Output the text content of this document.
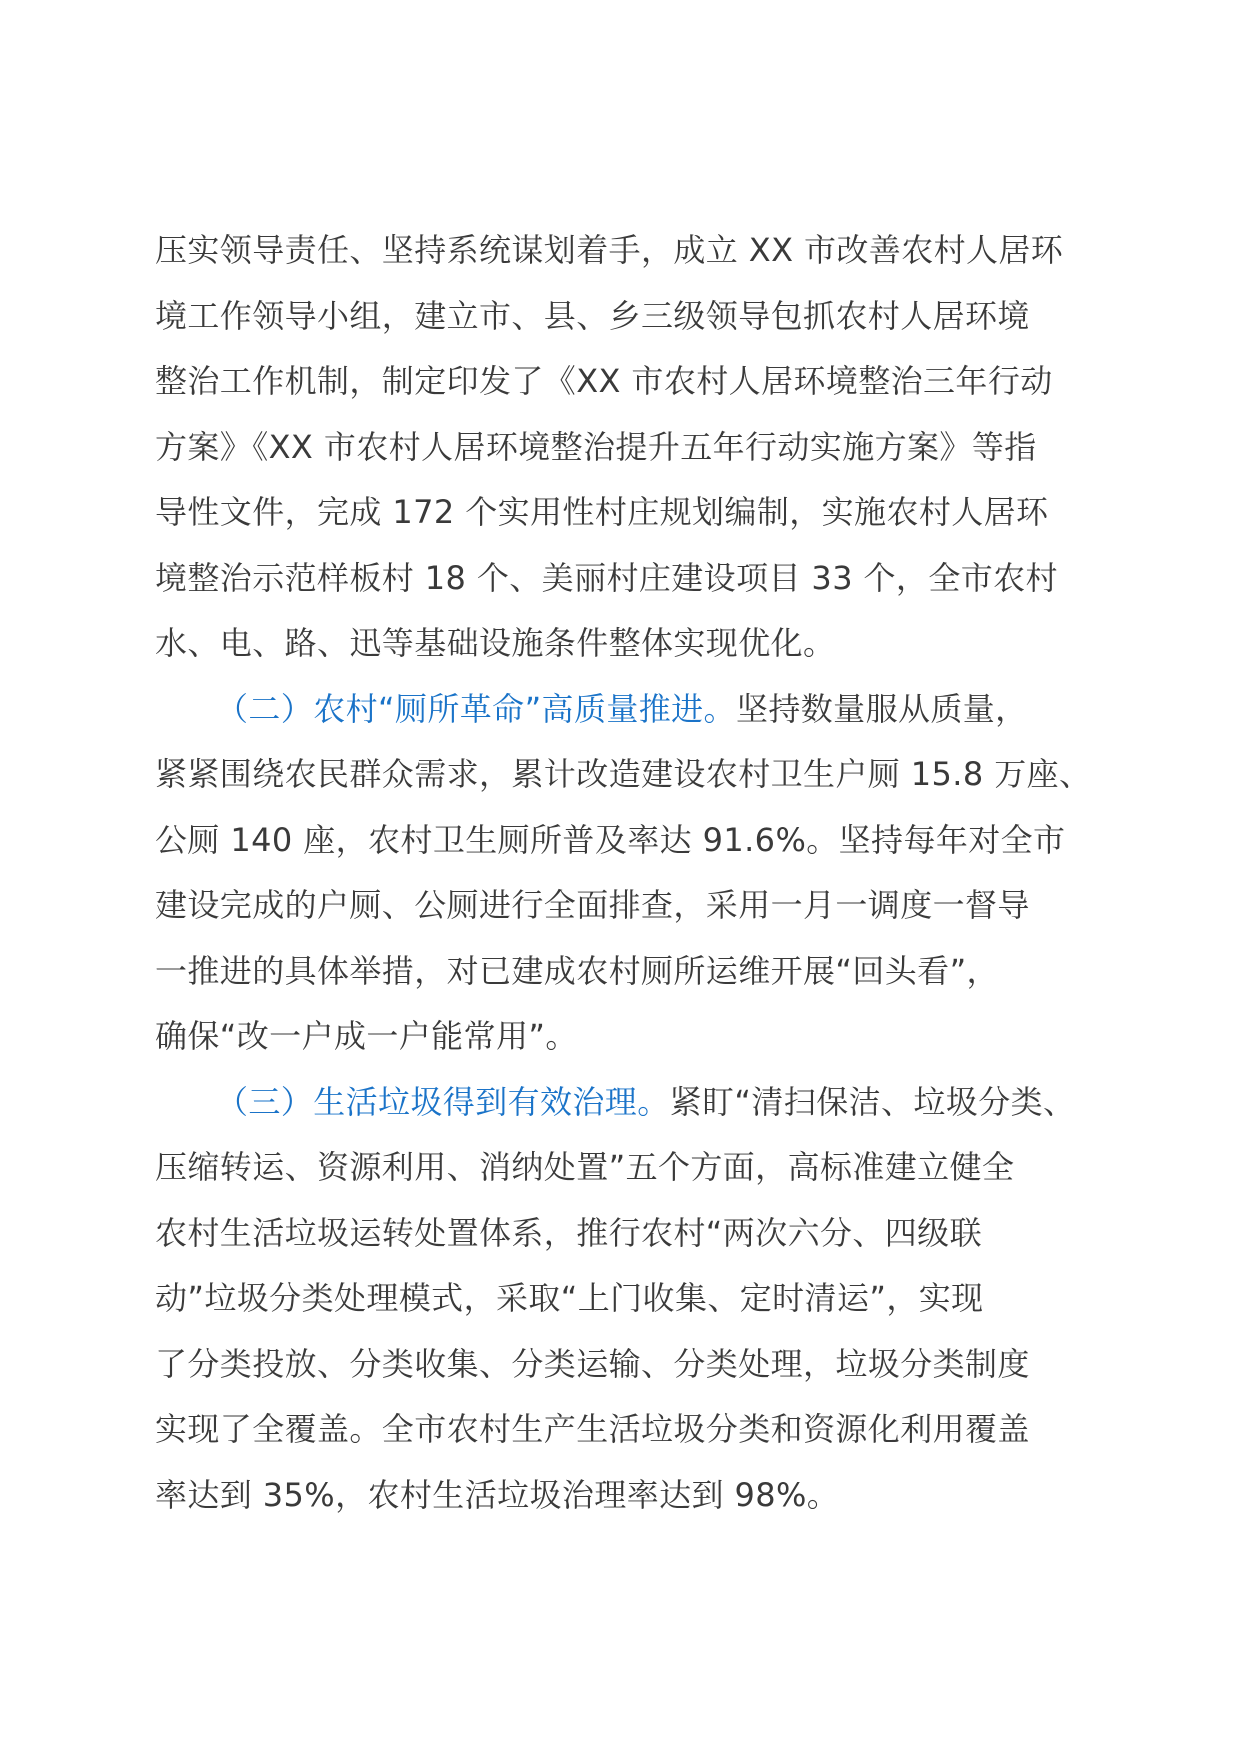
压实领导责任、坚持系统谋划着手，成立 XX 市改善农村人居环
境工作领导小组，建立市、县、乡三级领导包抓农村人居环境
整治工作机制，制定印发了《XX 市农村人居环境整治三年行动
方案》《XX 市农村人居环境整治提升五年行动实施方案》等指
导性文件，完成 172 个实用性村庄规划编制，实施农村人居环
境整治示范样板村 18 个、美丽村庄建设项目 33 个，全市农村
水、电、路、迅等基础设施条件整体实现优化。
（二）农村“厕所革命”高质量推进。坚持数量服从质量，
紧紧围绕农民群众需求，累计改造建设农村卫生户厕 15.8 万座、
公厕 140 座，农村卫生厕所普及率达 91.6%。坚持每年对全市
建设完成的户厕、公厕进行全面排查，采用一月一调度一督导
一推进的具体举措，对已建成农村厕所运维开展“回头看”，
确保“改一户成一户能常用”。
（三）生活垃圾得到有效治理。紧盯“清扫保洁、垃圾分类、
压缩转运、资源利用、消纳处置”五个方面，高标准建立健全
农村生活垃圾运转处置体系，推行农村“两次六分、四级联
动”垃圾分类处理模式，采取“上门收集、定时清运”，实现
了分类投放、分类收集、分类运输、分类处理，垃圾分类制度
实现了全覆盖。全市农村生产生活垃圾分类和资源化利用覆盖
率达到 35%，农村生活垃圾治理率达到 98%。
